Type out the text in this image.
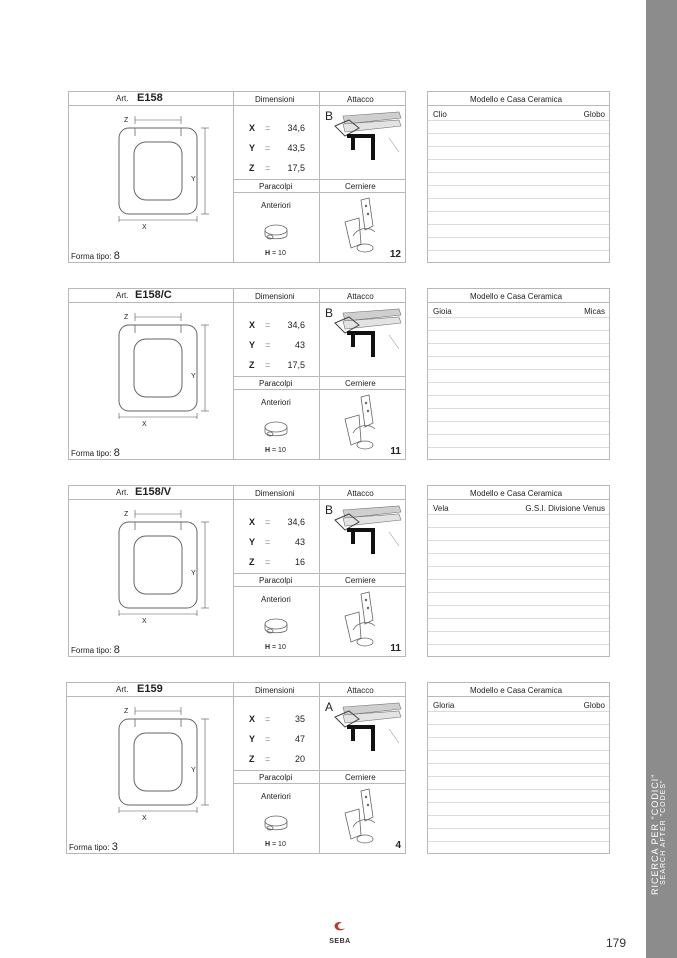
RICERCA PER "CODICI" SEARCH AFTER "CODES"
SEBA	179
Art. E158	Dimensioni	Attacco
Z
Y
X
X =	34,6
Y =	43,5
Z =	17,5
B
Paracolpi	Cerniere
Anteriori
H = 10	12
Forma tipo: 8
Modello e Casa Ceramica
Clio	Globo
Art. E158/C	Dimensioni	Attacco
Z
Y
X
X =	34,6
Y =	43
Z =	17,5
B
Paracolpi	Cerniere
Anteriori
H = 10	11
Forma tipo: 8
Modello e Casa Ceramica
Gioia	Micas
Art. E158/V	Dimensioni	Attacco
Z
Y
X
X =	34,6
Y =	43
Z =	16
B
Paracolpi	Cerniere
Anteriori
H = 10	11
Forma tipo: 8
Modello e Casa Ceramica
Vela	G.S.I. Divisione Venus
Art. E159	Dimensioni	Attacco
Z
Y
X
X =	35
Y =	47
Z =	20
A
Paracolpi	Cerniere
Anteriori
H = 10	4
Forma tipo: 3
Modello e Casa Ceramica
Gloria	Globo
